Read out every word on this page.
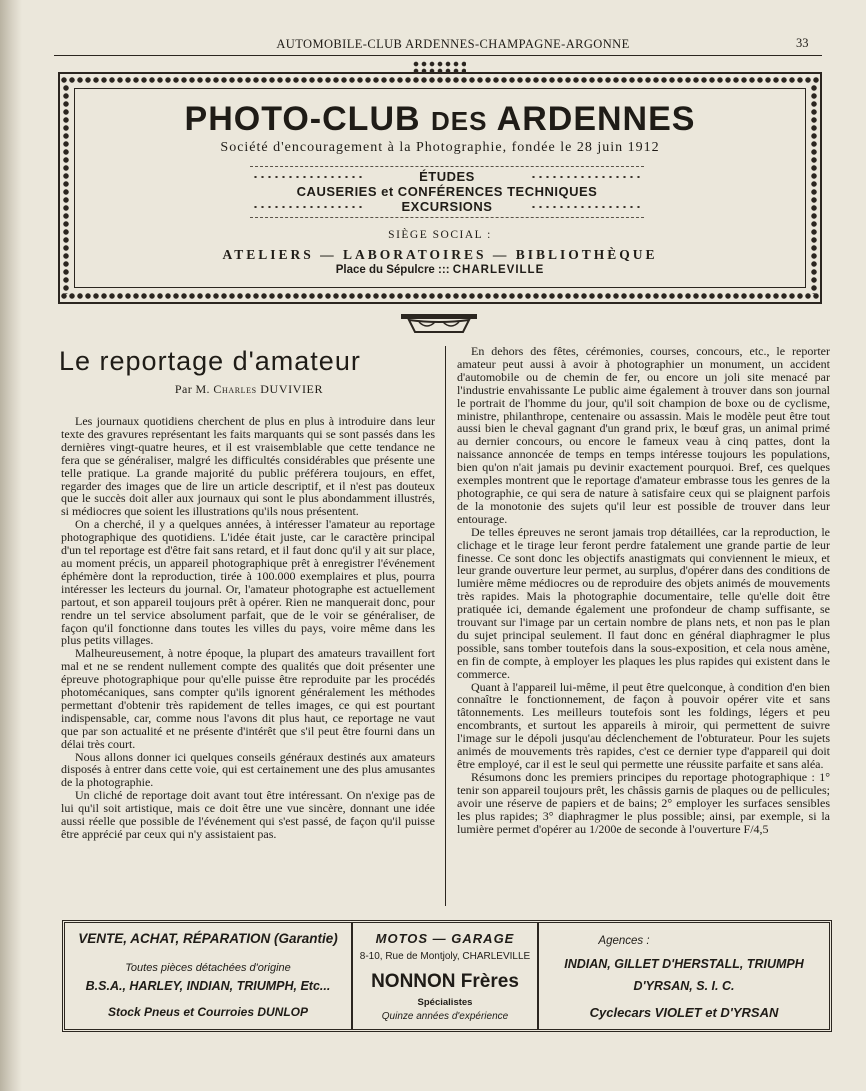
AUTOMOBILE-CLUB ARDENNES-CHAMPAGNE-ARGONNE	33
PHOTO-CLUB DES ARDENNES
Société d'encouragement à la Photographie, fondée le 28 juin 1912
ÉTUDES
CAUSERIES et CONFÉRENCES TECHNIQUES
EXCURSIONS
SIÈGE SOCIAL :
ATELIERS — LABORATOIRES — BIBLIOTHÈQUE
Place du Sépulcre ::: CHARLEVILLE
Le reportage d'amateur
Par M. Charles DUVIVIER

Les journaux quotidiens cherchent de plus en plus à introduire dans leur texte des gravures représentant les faits marquants qui se sont passés dans les dernières vingt-quatre heures, et il est vraisemblable que cette tendance ne fera que se généraliser, malgré les difficultés considérables que présente une telle pratique. La grande majorité du public préférera toujours, en effet, regarder des images que de lire un article descriptif, et il n'est pas douteux que le succès doit aller aux journaux qui sont le plus abondamment illustrés, si médiocres que soient les illustrations qu'ils nous présentent.

On a cherché, il y a quelques années, à intéresser l'amateur au reportage photographique des quotidiens. L'idée était juste, car le caractère principal d'un tel reportage est d'être fait sans retard, et il faut donc qu'il y ait sur place, au moment précis, un appareil photographique prêt à enregistrer l'événement éphémère dont la reproduction, tirée à 100.000 exemplaires et plus, pourra intéresser les lecteurs du journal. Or, l'amateur photographe est actuellement partout, et son appareil toujours prêt à opérer. Rien ne manquerait donc, pour rendre un tel service absolument parfait, que de le voir se généraliser, de façon qu'il fonctionne dans toutes les villes du pays, voire même dans les plus petits villages.

Malheureusement, à notre époque, la plupart des amateurs travaillent fort mal et ne se rendent nullement compte des qualités que doit présenter une épreuve photographique pour qu'elle puisse être reproduite par les procédés photomécaniques, sans compter qu'ils ignorent généralement les méthodes permettant d'obtenir très rapidement de telles images, ce qui est pourtant indispensable, car, comme nous l'avons dit plus haut, ce reportage ne vaut que par son actualité et ne présente d'intérêt que s'il peut être fourni dans un délai très court.

Nous allons donner ici quelques conseils généraux destinés aux amateurs disposés à entrer dans cette voie, qui est certainement une des plus amusantes de la photographie.

Un cliché de reportage doit avant tout être intéressant. On n'exige pas de lui qu'il soit artistique, mais ce doit être une vue sincère, donnant une idée aussi réelle que possible de l'événement qui s'est passé, de façon qu'il puisse être apprécié par ceux qui n'y assistaient pas.

En dehors des fêtes, cérémonies, courses, concours, etc., le reporter amateur peut aussi à avoir à photographier un monument, un accident d'automobile ou de chemin de fer, ou encore un joli site menacé par l'industrie envahissante Le public aime également à trouver dans son journal le portrait de l'homme du jour, qu'il soit champion de boxe ou de cyclisme, ministre, philanthrope, centenaire ou assassin. Mais le modèle peut être tout aussi bien le cheval gagnant d'un grand prix, le bœuf gras, un animal primé au dernier concours, ou encore le fameux veau à cinq pattes, dont la naissance annoncée de temps en temps intéresse toujours les populations, bien qu'on n'ait jamais pu devinir exactement pourquoi. Bref, ces quelques exemples montrent que le reportage d'amateur embrasse tous les genres de la photographie, ce qui sera de nature à satisfaire ceux qui se plaignent parfois de la monotonie des sujets qu'il leur est possible de trouver dans leur entourage.

De telles épreuves ne seront jamais trop détaillées, car la reproduction, le clichage et le tirage leur feront perdre fatalement une grande partie de leur finesse. Ce sont donc les objectifs anastigmats qui conviennent le mieux, et leur grande ouverture leur permet, au surplus, d'opérer dans des conditions de lumière même médiocres ou de reproduire des objets animés de mouvements très rapides. Mais la photographie documentaire, telle qu'elle doit être pratiquée ici, demande également une profondeur de champ suffisante, se trouvant sur l'image par un certain nombre de plans nets, et non pas le plan du sujet principal seulement. Il faut donc en général diaphragmer le plus possible, sans tomber toutefois dans la sous-exposition, et cela nous amène, en fin de compte, à employer les plaques les plus rapides qui existent dans le commerce.

Quant à l'appareil lui-même, il peut être quelconque, à condition d'en bien connaître le fonctionnement, de façon à pouvoir opérer vite et sans tâtonnements. Les meilleurs toutefois sont les foldings, légers et peu encombrants, et surtout les appareils à miroir, qui permettent de suivre l'image sur le dépoli jusqu'au déclenchement de l'obturateur. Pour les sujets animés de mouvements très rapides, c'est ce dernier type d'appareil qui doit être employé, car il est le seul qui permette une réussite parfaite et sans aléa.

Résumons donc les premiers principes du reportage photographique : 1° tenir son appareil toujours prêt, les châssis garnis de plaques ou de pellicules; avoir une réserve de papiers et de bains; 2° employer les surfaces sensibles les plus rapides; 3° diaphragmer le plus possible; ainsi, par exemple, si la lumière permet d'opérer au 1/200e de seconde à l'ouverture F/4,5

VENTE, ACHAT, RÉPARATION (Garantie)
Toutes pièces détachées d'origine
B.S.A., HARLEY, INDIAN, TRIUMPH, Etc...
Stock Pneus et Courroies DUNLOP
MOTOS — GARAGE
8-10, Rue de Montjoly, CHARLEVILLE
NONNON Frères
Spécialistes
Quinze années d'expérience
Agences :
INDIAN, GILLET D'HERSTALL, TRIUMPH
D'YRSAN, S. I. C.
Cyclecars VIOLET et D'YRSAN
